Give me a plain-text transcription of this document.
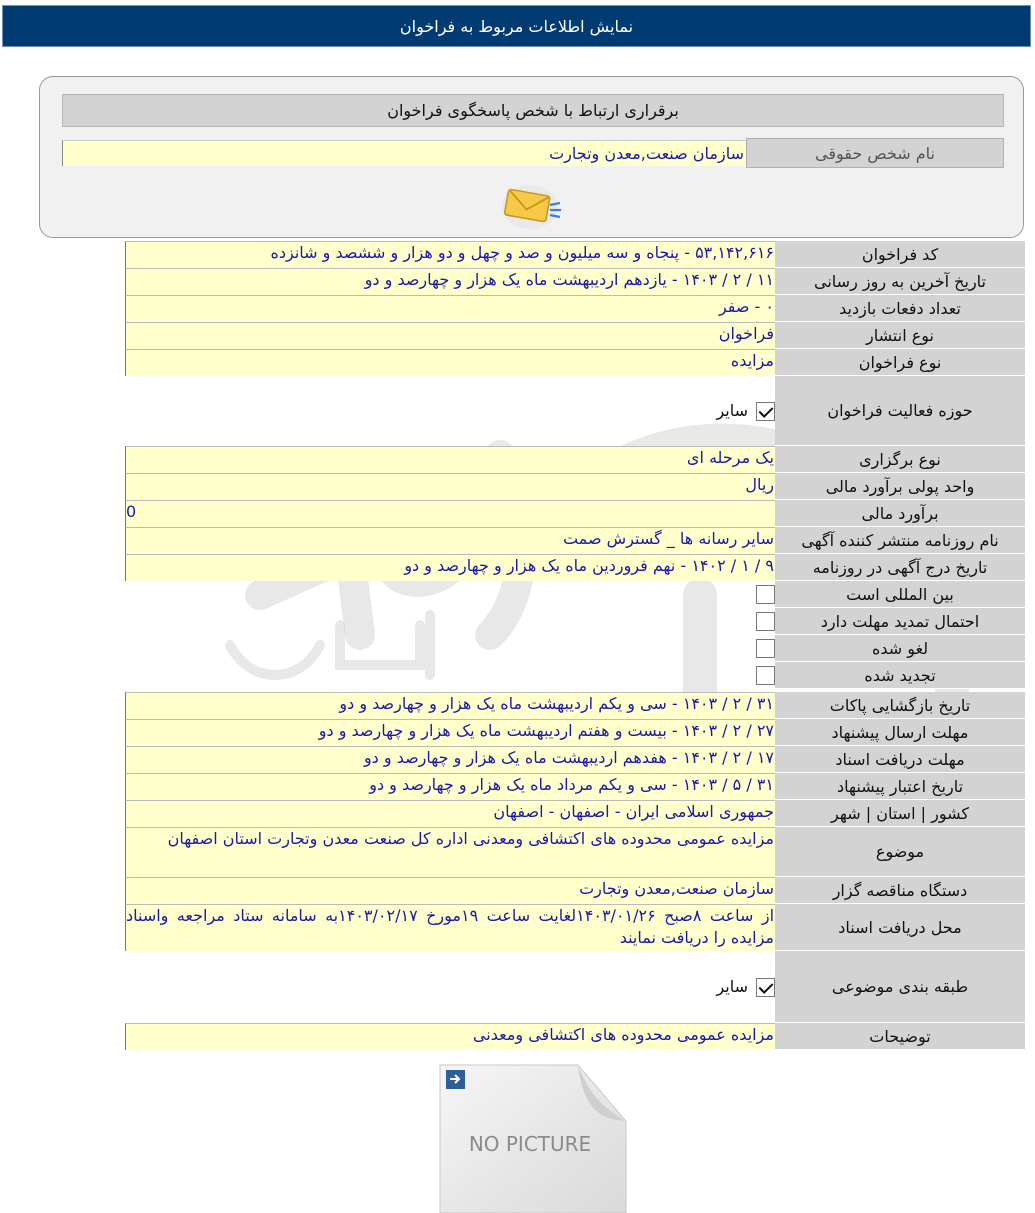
نمایش اطلاعات مربوط به فراخوان
برقراری ارتباط با شخص پاسخگوی فراخوان
نام شخص حقوقی
سازمان صنعت,معدن وتجارت
کد فراخوان
۵۳,۱۴۲,۶۱۶ - پنجاه و سه میلیون و صد و چهل و دو هزار و ششصد و شانزده
تاریخ آخرین به روز رسانی
۱۱ / ۲ / ۱۴۰۳ - یازدهم اردیبهشت ماه یک هزار و چهارصد و دو
تعداد دفعات بازدید
۰ - صفر
نوع انتشار
فراخوان
نوع فراخوان
مزایده
حوزه فعالیت فراخوان
سایر
نوع برگزاری
یک مرحله ای
واحد پولی برآورد مالی
ریال
برآورد مالی
0
نام روزنامه منتشر کننده آگهی
سایر رسانه ها _ گسترش صمت
تاریخ درج آگهی در روزنامه
۹ / ۱ / ۱۴۰۲ - نهم فروردین ماه یک هزار و چهارصد و دو
بین المللی است
احتمال تمدید مهلت دارد
لغو شده
تجدید شده
تاریخ بازگشایی پاکات
۳۱ / ۲ / ۱۴۰۳ - سی و یکم اردیبهشت ماه یک هزار و چهارصد و دو
مهلت ارسال پیشنهاد
۲۷ / ۲ / ۱۴۰۳ - بیست و هفتم اردیبهشت ماه یک هزار و چهارصد و دو
مهلت دریافت اسناد
۱۷ / ۲ / ۱۴۰۳ - هفدهم اردیبهشت ماه یک هزار و چهارصد و دو
تاریخ اعتبار پیشنهاد
۳۱ / ۵ / ۱۴۰۳ - سی و یکم مرداد ماه یک هزار و چهارصد و دو
کشور | استان | شهر
جمهوری اسلامی ایران - اصفهان - اصفهان
موضوع
مزایده عمومی محدوده های اکتشافی ومعدنی اداره کل صنعت معدن وتجارت استان اصفهان
دستگاه مناقصه گزار
سازمان صنعت,معدن وتجارت
محل دریافت اسناد
از ساعت ۸صبح ۱۴۰۳/۰۱/۲۶لغایت ساعت ۱۹مورخ ۱۴۰۳/۰۲/۱۷به سامانه ستاد مراجعه واسناد مزایده را دریافت نمایند
طبقه بندی موضوعی
سایر
توضیحات
مزایده عمومی محدوده های اکتشافی ومعدنی
NO PICTURE
